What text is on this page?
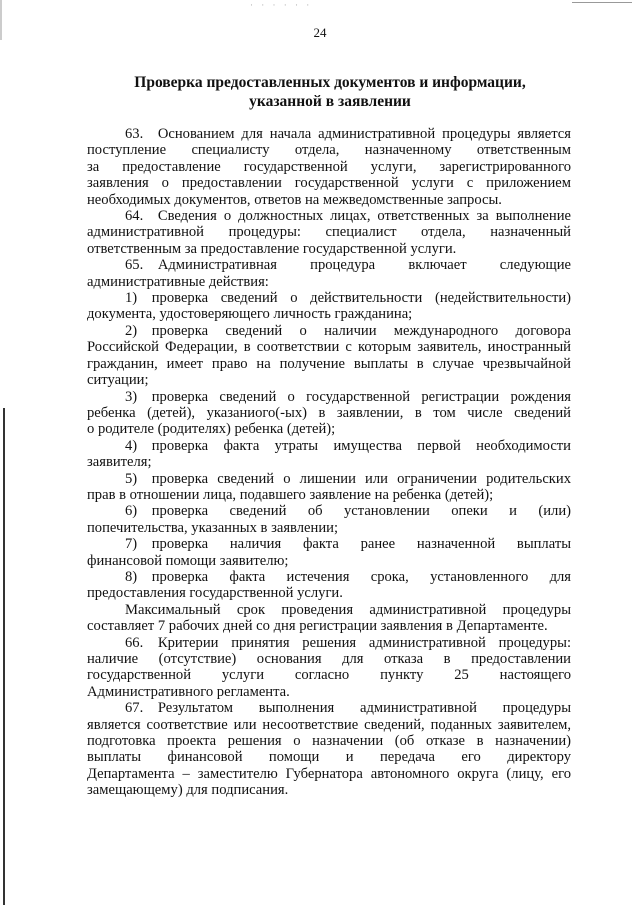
· · · · · ·
24
Проверка предоставленных документов и информации,
указанной в заявлении
63. Основанием для начала административной процедуры является
поступление специалисту отдела, назначенному ответственным
за предоставление государственной услуги, зарегистрированного
заявления о предоставлении государственной услуги с приложением
необходимых документов, ответов на межведомственные запросы.
64. Сведения о должностных лицах, ответственных за выполнение
административной процедуры: специалист отдела, назначенный
ответственным за предоставление государственной услуги.
65. Административная процедура включает следующие
административные действия:
1) проверка сведений о действительности (недействительности)
документа, удостоверяющего личность гражданина;
2) проверка сведений о наличии международного договора
Российской Федерации, в соответствии с которым заявитель, иностранный
гражданин, имеет право на получение выплаты в случае чрезвычайной
ситуации;
3) проверка сведений о государственной регистрации рождения
ребенка (детей), указаниого(-ых) в заявлении, в том числе сведений
о родителе (родителях) ребенка (детей);
4) проверка факта утраты имущества первой необходимости
заявителя;
5) проверка сведений о лишении или ограничении родительских
прав в отношении лица, подавшего заявление на ребенка (детей);
6) проверка сведений об установлении опеки и (или)
попечительства, указанных в заявлении;
7) проверка наличия факта ранее назначенной выплаты
финансовой помощи заявителю;
8) проверка факта истечения срока, установленного для
предоставления государственной услуги.
Максимальный срок проведения административной процедуры
составляет 7 рабочих дней со дня регистрации заявления в Департаменте.
66. Критерии принятия решения административной процедуры:
наличие (отсутствие) основания для отказа в предоставлении
государственной услуги согласно пункту 25 настоящего
Административного регламента.
67. Результатом выполнения административной процедуры
является соответствие или несоответствие сведений, поданных заявителем,
подготовка проекта решения о назначении (об отказе в назначении)
выплаты финансовой помощи и передача его директору
Департамента – заместителю Губернатора автономного округа (лицу, его
замещающему) для подписания.
